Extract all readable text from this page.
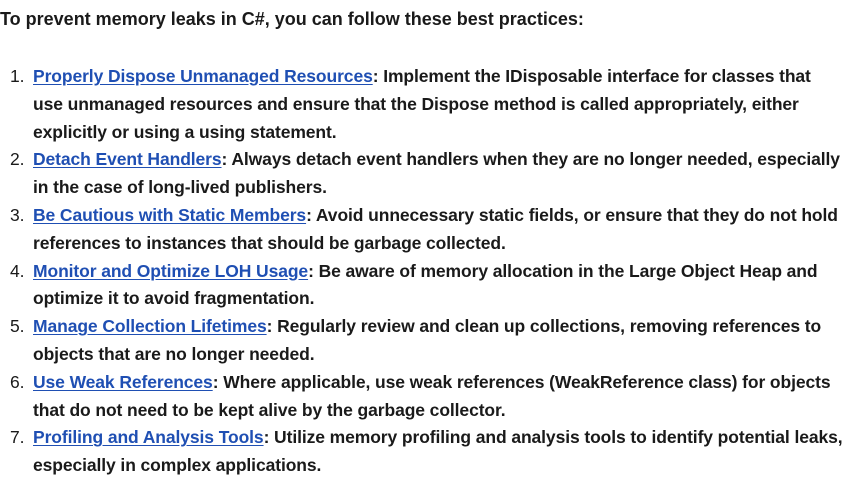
To prevent memory leaks in C#, you can follow these best practices:
1. Properly Dispose Unmanaged Resources: Implement the IDisposable interface for classes that use unmanaged resources and ensure that the Dispose method is called appropriately, either explicitly or using a using statement.
2. Detach Event Handlers: Always detach event handlers when they are no longer needed, especially in the case of long-lived publishers.
3. Be Cautious with Static Members: Avoid unnecessary static fields, or ensure that they do not hold references to instances that should be garbage collected.
4. Monitor and Optimize LOH Usage: Be aware of memory allocation in the Large Object Heap and optimize it to avoid fragmentation.
5. Manage Collection Lifetimes: Regularly review and clean up collections, removing references to objects that are no longer needed.
6. Use Weak References: Where applicable, use weak references (WeakReference class) for objects that do not need to be kept alive by the garbage collector.
7. Profiling and Analysis Tools: Utilize memory profiling and analysis tools to identify potential leaks, especially in complex applications.
